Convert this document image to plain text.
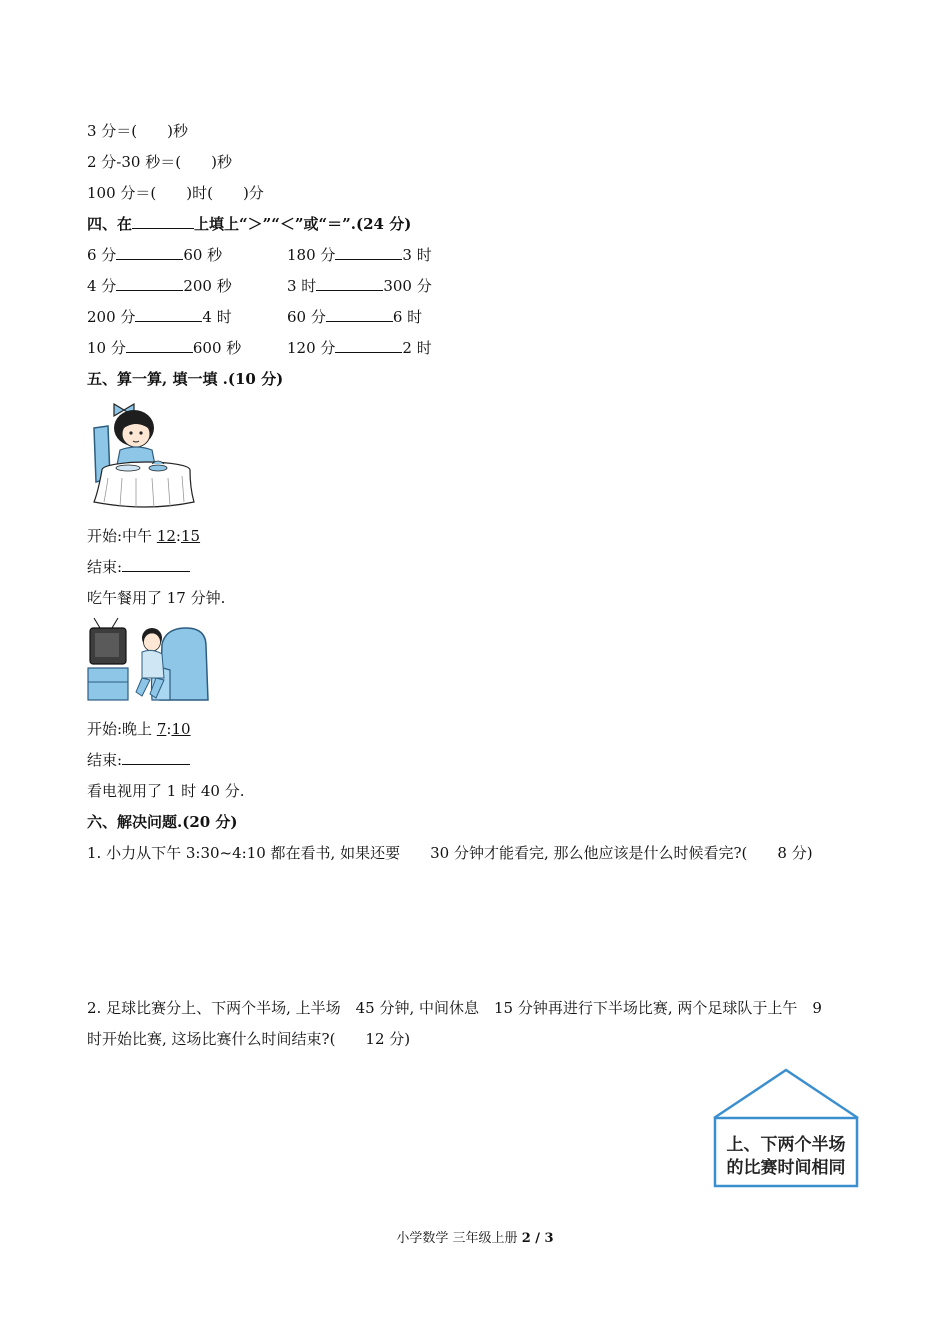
3 分＝(　　)秒
2 分-30 秒＝(　　)秒
100 分＝(　　)时(　　)分
四、在	上填上“＞”“＜”或“＝”.(24 分)
6 分	60 秒	180 分	3 时
4 分	200 秒	3 时	300 分
200 分	4 时	60 分	6 时
10 分	600 秒	120 分	2 时
五、算一算, 填一填 .(10 分)
开始:中午 12:15
结束:
吃午餐用了 17 分钟.
开始:晚上 7:10
结束:
看电视用了 1 时 40 分.
六、解决问题.(20 分)
1. 小力从下午 3:30~4:10 都在看书, 如果还要　　30 分钟才能看完, 那么他应该是什么时候看完?(　　8 分)
2. 足球比赛分上、下两个半场, 上半场　45 分钟, 中间休息　15 分钟再进行下半场比赛, 两个足球队于上午　9
时开始比赛, 这场比赛什么时间结束?(　　12 分)
上、下两个半场
的比赛时间相同
小学数学 三年级上册 2 / 3
